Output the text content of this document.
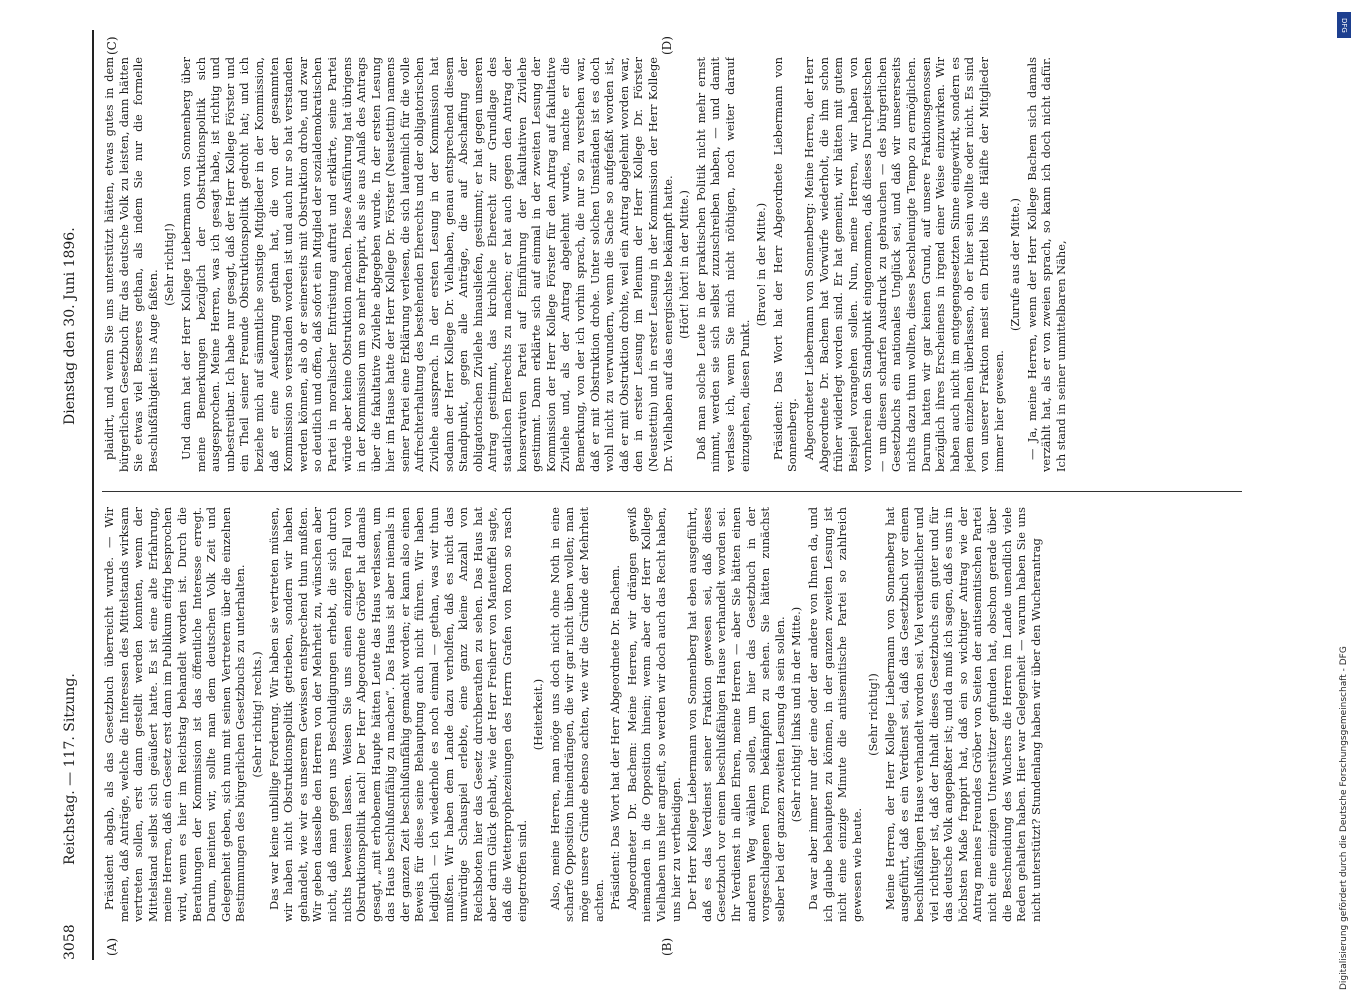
3058
Reichstag. — 117. Sitzung.
Dienstag den 30. Juni 1896.
(A)	(B)
(C)	(D)

Präsident abgab, als das Gesetzbuch überreicht wurde. — Wir meinen, daß Anträge, welche die Interessen des Mittelstands wirksam vertreten sollen, erst dann gestellt werden konnten, wenn der Mittelstand selbst sich geäußert hatte. Es ist eine alte Erfahrung, meine Herren, daß ein Gesetz erst dann im Publikum eifrig besprochen wird, wenn es hier im Reichstag behandelt worden ist. Durch die Berathungen der Kommission ist das öffentliche Interesse erregt. Darum, meinten wir, sollte man dem deutschen Volk Zeit und Gelegenheit geben, sich nun mit seinen Vertretern über die einzelnen Bestimmungen des bürgerlichen Gesetzbuchs zu unterhalten. (Sehr richtig! rechts.) Das war keine unbillige Forderung. Wir haben sie vertreten müssen, wir haben nicht Obstruktionspolitik getrieben, sondern wir haben gehandelt, wie wir es unserem Gewissen entsprechend thun mußten. Wir geben dasselbe den Herren von der Mehrheit zu, wünschen aber nicht, daß man gegen uns Beschuldigungen erhebt, die sich durch nichts beweisen lassen. Weisen Sie uns einen einzigen Fall von Obstruktionspolitik nach! Der Herr Abgeordnete Gröber hat damals gesagt, „mit erhobenem Haupte hätten Leute das Haus verlassen, um das Haus beschlußunfähig zu machen“. Das Haus ist aber niemals in der ganzen Zeit beschlußunfähig gemacht worden; er kann also einen Beweis für diese seine Behauptung auch nicht führen. Wir haben lediglich — ich wiederhole es noch einmal — gethan, was wir thun mußten. Wir haben dem Lande dazu verholfen, daß es nicht das unwürdige Schauspiel erlebte, eine ganz kleine Anzahl von Reichsboten hier das Gesetz durchberathen zu sehen. Das Haus hat aber darin Glück gehabt, wie der Herr Freiherr von Manteuffel sagte, daß die Wetterprophezeiungen des Herrn Grafen von Roon so rasch eingetroffen sind.

(Heiterkeit.) Also, meine Herren, man möge uns doch nicht ohne Noth in eine scharfe Opposition hineindrängen, die wir gar nicht üben wollen; man möge unsere Gründe ebenso achten, wie wir die Gründe der Mehrheit achten. Präsident: Das Wort hat der Herr Abgeordnete Dr. Bachem. Abgeordneter Dr. Bachem: Meine Herren, wir drängen gewiß niemanden in die Opposition hinein; wenn aber der Herr Kollege Vielhaben uns hier angreift, so werden wir doch auch das Recht haben, uns hier zu vertheidigen. Der Herr Kollege Liebermann von Sonnenberg hat eben ausgeführt, daß es das Verdienst seiner Fraktion gewesen sei, daß dieses Gesetzbuch vor einem beschlußfähigen Hause verhandelt worden sei. Ihr Verdienst in allen Ehren, meine Herren — aber Sie hätten einen anderen Weg wählen sollen, um hier das Gesetzbuch in der vorgeschlagenen Form bekämpfen zu sehen. Sie hätten zunächst selber bei der ganzen zweiten Lesung da sein sollen. (Sehr richtig! links und in der Mitte.) Da war aber immer nur der eine oder der andere von Ihnen da, und ich glaube behaupten zu können, in der ganzen zweiten Lesung ist nicht eine einzige Minute die antisemitische Partei so zahlreich gewesen wie heute.

(Sehr richtig!) Meine Herren, der Herr Kollege Liebermann von Sonnenberg hat ausgeführt, daß es ein Verdienst sei, daß das Gesetzbuch vor einem beschlußfähigen Hause verhandelt worden sei. Viel verdienstlicher und viel richtiger ist, daß der Inhalt dieses Gesetzbuchs ein guter und für das deutsche Volk angepaßter ist; und da muß ich sagen, daß es uns in höchsten Maße frappirt hat, daß ein so wichtiger Antrag wie der Antrag meines Freundes Gröber von Seiten der antisemitischen Partei nicht eine einzigen Unterstützer gefunden hat, obschon gerade über die Beschneidung des Wuchers die Herren im Lande unendlich viele Reden gehalten haben. Hier war Gelegenheit — warum haben Sie uns nicht unterstützt? Stundenlang haben wir über den Wucherantrag

plaidirt, und wenn Sie uns unterstützt hätten, etwas gutes in dem bürgerlichen Gesetzbuch für das deutsche Volk zu leisten, dann hätten Sie etwas viel Besseres gethan, als indem Sie nur die formelle Beschlußfähigkeit ins Auge faßten.

(Sehr richtig!) Und dann hat der Herr Kollege Liebermann von Sonnenberg über meine Bemerkungen bezüglich der Obstruktionspolitik sich ausgesprochen. Meine Herren, was ich gesagt habe, ist richtig und unbestreitbar. Ich habe nur gesagt, daß der Herr Kollege Förster und ein Theil seiner Freunde Obstruktionspolitik gedroht hat; und ich beziehe mich auf sämmtliche sonstige Mitglieder in der Kommission, daß er eine Aeußerung gethan hat, die von der gesammten Kommission so verstanden worden ist und auch nur so hat verstanden werden können, als ob er seinerseits mit Obstruktion drohe, und zwar so deutlich und offen, daß sofort ein Mitglied der sozialdemokratischen Partei in moralischer Entrüstung auftrat und erklärte, seine Partei würde aber keine Obstruktion machen. Diese Ausführung hat übrigens in der Kommission um so mehr frappirt, als sie aus Anlaß des Antrags über die fakultative Zivilehe abgegeben wurde. In der ersten Lesung hier im Hause hatte der Herr Kollege Dr. Förster (Neustettin) namens seiner Partei eine Erklärung verlesen, die sich lautemlich für die volle Aufrechterhaltung des bestehenden Eherechts und der obligatorischen Zivilehe aussprach. In der ersten Lesung in der Kommission hat sodann der Herr Kollege Dr. Vielhaben, genau entsprechend diesem Standpunkt, gegen alle Anträge, die auf Abschaffung der obligatorischen Zivilehe hinausliefen, gestimmt; er hat gegen unseren Antrag gestimmt, das kirchliche Eherecht zur Grundlage des staatlichen Eherechts zu machen; er hat auch gegen den Antrag der konservativen Partei auf Einführung der fakultativen Zivilehe gestimmt. Dann erklärte sich auf einmal in der zweiten Lesung der Kommission der Herr Kollege Förster für den Antrag auf fakultative Zivilehe und, als der Antrag abgelehnt wurde, machte er die Bemerkung, von der ich vorhin sprach, die nur so zu verstehen war, daß er mit Obstruktion drohe. Unter solchen Umständen ist es doch wohl nicht zu verwundern, wenn die Sache so aufgefaßt worden ist, daß er mit Obstruktion drohte, weil ein Antrag abgelehnt worden war, den in erster Lesung im Plenum der Herr Kollege Dr. Förster (Neustettin) und in erster Lesung in der Kommission der Herr Kollege Dr. Vielhaben auf das energischste bekämpft hatte. (Hört! hört! in der Mitte.) Daß man solche Leute in der praktischen Politik nicht mehr ernst nimmt, werden sie sich selbst zuzuschreiben haben, — und damit verlasse ich, wenn Sie mich nicht nöthigen, noch weiter darauf einzugehen, diesen Punkt.

(Bravo! in der Mitte.) Präsident: Das Wort hat der Herr Abgeordnete Liebermann von Sonnenberg. Abgeordneter Liebermann von Sonnenberg: Meine Herren, der Herr Abgeordnete Dr. Bachem hat Vorwürfe wiederholt, die ihm schon früher widerlegt worden sind. Er hat gemeint, wir hätten mit gutem Beispiel vorangehen sollen. Nun, meine Herren, wir haben von vornherein den Standpunkt eingenommen, daß dieses Durchpeitschen — um diesen scharfen Ausdruck zu gebrauchen — des bürgerlichen Gesetzbuchs ein nationales Unglück sei, und daß wir unsererseits nichts dazu thun wollten, dieses beschleunigte Tempo zu ermöglichen. Darum hatten wir gar keinen Grund, auf unsere Fraktionsgenossen bezüglich ihres Erscheinens in irgend einer Weise einzuwirken. Wir haben auch nicht im entgegengesetzten Sinne eingewirkt, sondern es jedem einzelnen überlassen, ob er hier sein wollte oder nicht. Es sind von unserer Fraktion meist ein Drittel bis die Hälfte der Mitglieder immer hier gewesen.

(Zurufe aus der Mitte.) — Ja, meine Herren, wenn der Herr Kollege Bachem sich damals verzählt hat, als er von zweien sprach, so kann ich doch nicht dafür. Ich stand in seiner unmittelbaren Nähe,

DFG
Digitalisierung gefördert durch die Deutsche Forschungsgemeinschaft - DFG
